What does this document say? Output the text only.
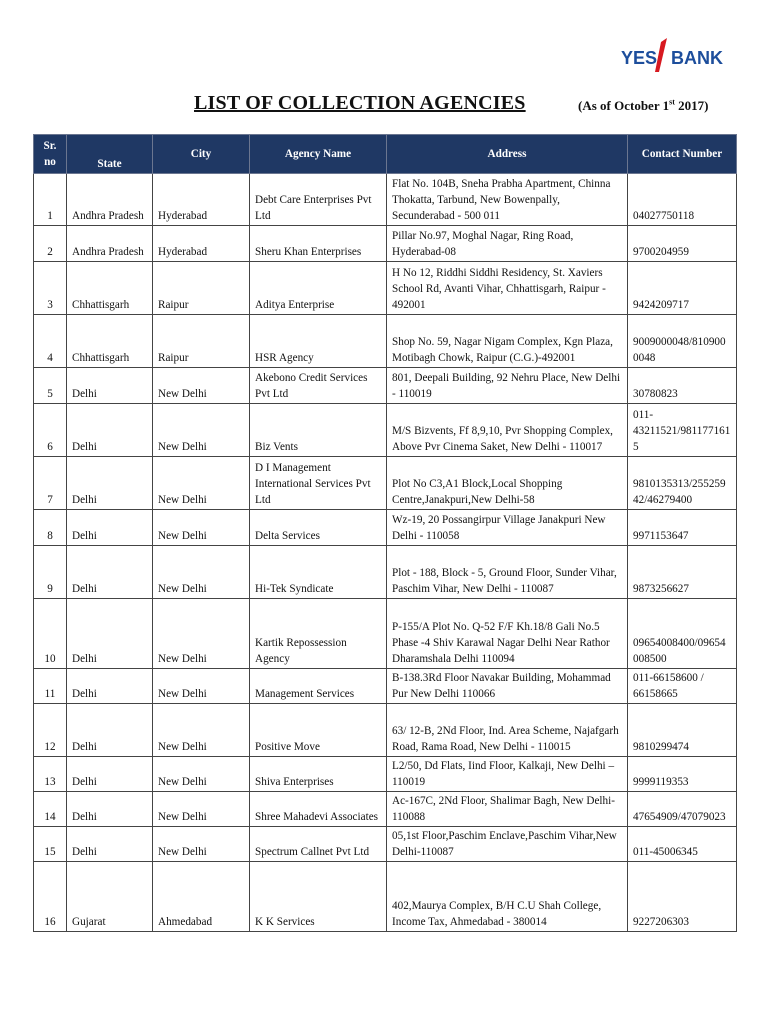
YES BANK
LIST OF COLLECTION AGENCIES	(As of October 1st 2017)
Sr. no	State	City	Agency Name	Address	Contact Number
1	Andhra Pradesh	Hyderabad	Debt Care Enterprises Pvt Ltd	Flat No. 104B, Sneha Prabha Apartment, Chinna Thokatta, Tarbund, New Bowenpally, Secunderabad - 500 011	04027750118
2	Andhra Pradesh	Hyderabad	Sheru Khan Enterprises	Pillar No.97, Moghal Nagar, Ring Road, Hyderabad-08	9700204959
3	Chhattisgarh	Raipur	Aditya Enterprise	H No 12, Riddhi Siddhi Residency, St. Xaviers School Rd, Avanti Vihar, Chhattisgarh, Raipur - 492001	9424209717
4	Chhattisgarh	Raipur	HSR Agency	Shop No. 59, Nagar Nigam Complex, Kgn Plaza, Motibagh Chowk, Raipur (C.G.)-492001	9009000048/8109000048
5	Delhi	New Delhi	Akebono Credit Services Pvt Ltd	801, Deepali Building, 92 Nehru Place, New Delhi - 110019	30780823
6	Delhi	New Delhi	Biz Vents	M/S Bizvents, Ff 8,9,10, Pvr Shopping Complex, Above Pvr Cinema Saket, New Delhi - 110017	011-43211521/9811771615
7	Delhi	New Delhi	D I Management International Services Pvt Ltd	Plot No C3,A1 Block,Local Shopping Centre,Janakpuri,New Delhi-58	9810135313/25525942/46279400
8	Delhi	New Delhi	Delta Services	Wz-19, 20 Possangirpur Village Janakpuri New Delhi - 110058	9971153647
9	Delhi	New Delhi	Hi-Tek Syndicate	Plot - 188, Block - 5, Ground Floor, Sunder Vihar, Paschim Vihar, New Delhi - 110087	9873256627
10	Delhi	New Delhi	Kartik Repossession Agency	P-155/A Plot No. Q-52 F/F Kh.18/8 Gali No.5 Phase -4 Shiv Karawal Nagar Delhi Near Rathor Dharamshala Delhi 110094	09654008400/09654008500
11	Delhi	New Delhi	Management Services	B-138.3Rd Floor Navakar Building, Mohammad Pur New Delhi 110066	011-66158600 / 66158665
12	Delhi	New Delhi	Positive Move	63/ 12-B, 2Nd Floor, Ind. Area Scheme, Najafgarh Road, Rama Road, New Delhi - 110015	9810299474
13	Delhi	New Delhi	Shiva Enterprises	L2/50, Dd Flats, Iind Floor, Kalkaji, New Delhi – 110019	9999119353
14	Delhi	New Delhi	Shree Mahadevi Associates	Ac-167C, 2Nd Floor, Shalimar Bagh, New Delhi-110088	47654909/47079023
15	Delhi	New Delhi	Spectrum Callnet Pvt Ltd	05,1st Floor,Paschim Enclave,Paschim Vihar,New Delhi-110087	011-45006345
16	Gujarat	Ahmedabad	K K Services	402,Maurya Complex, B/H C.U Shah College, Income Tax, Ahmedabad - 380014	9227206303
